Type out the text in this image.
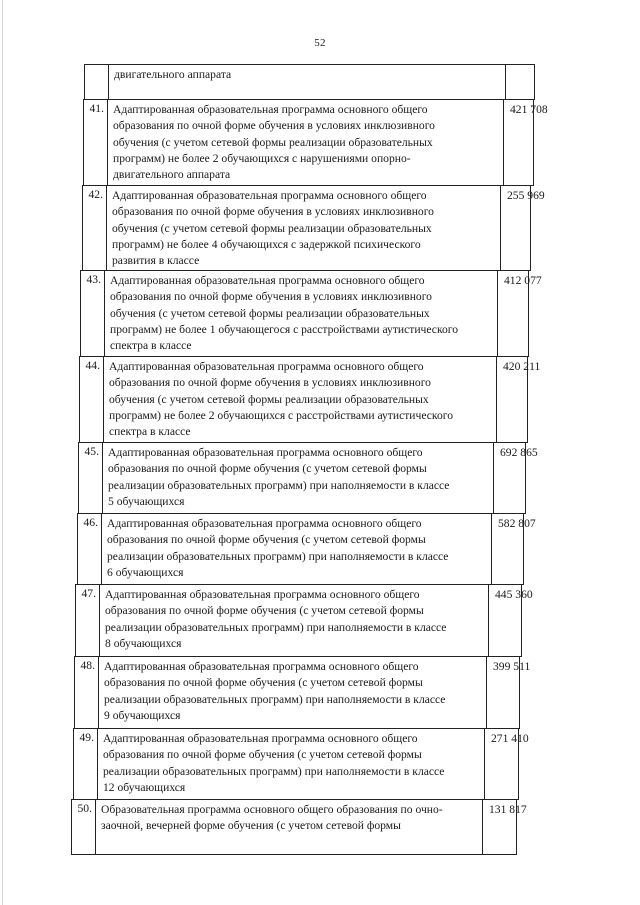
52
двигательного аппарата
41. Адаптированная образовательная программа основного общего
образования по очной форме обучения в условиях инклюзивного
обучения (с учетом сетевой формы реализации образовательных
программ) не более 2 обучающихся с нарушениями опорно-
двигательного аппарата
421 708
42. Адаптированная образовательная программа основного общего
образования по очной форме обучения в условиях инклюзивного
обучения (с учетом сетевой формы реализации образовательных
программ) не более 4 обучающихся с задержкой психического
развития в классе
255 969
43. Адаптированная образовательная программа основного общего
образования по очной форме обучения в условиях инклюзивного
обучения (с учетом сетевой формы реализации образовательных
программ) не более 1 обучающегося с расстройствами аутистического
спектра в классе
412 077
44. Адаптированная образовательная программа основного общего
образования по очной форме обучения в условиях инклюзивного
обучения (с учетом сетевой формы реализации образовательных
программ) не более 2 обучающихся с расстройствами аутистического
спектра в классе
420 211
45. Адаптированная образовательная программа основного общего
образования по очной форме обучения (с учетом сетевой формы
реализации образовательных программ) при наполняемости в классе
5 обучающихся
692 865
46. Адаптированная образовательная программа основного общего
образования по очной форме обучения (с учетом сетевой формы
реализации образовательных программ) при наполняемости в классе
6 обучающихся
582 807
47. Адаптированная образовательная программа основного общего
образования по очной форме обучения (с учетом сетевой формы
реализации образовательных программ) при наполняемости в классе
8 обучающихся
445 360
48. Адаптированная образовательная программа основного общего
образования по очной форме обучения (с учетом сетевой формы
реализации образовательных программ) при наполняемости в классе
9 обучающихся
399 511
49. Адаптированная образовательная программа основного общего
образования по очной форме обучения (с учетом сетевой формы
реализации образовательных программ) при наполняемости в классе
12 обучающихся
271 410
50. Образовательная программа основного общего образования по очно-
заочной, вечерней форме обучения (с учетом сетевой формы
131 817
